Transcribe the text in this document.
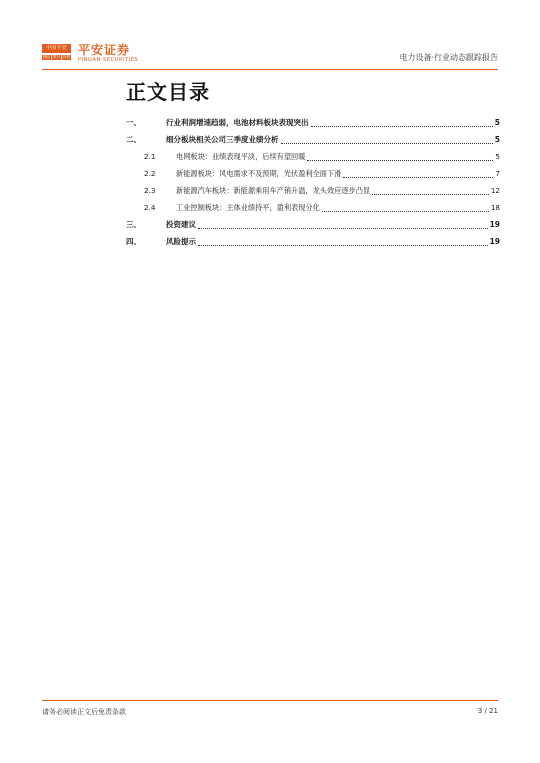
中国平安
保险 银行 投资 平安证券
PINGAN SECURITIES	电力设备·行业动态跟踪报告
正文目录
一、	行业利润增速趋弱，电池材料板块表现突出	5
二、	细分板块相关公司三季度业绩分析	5
2.1	电网板块：业绩表现平淡，后续有望回暖	5
2.2	新能源板块：风电需求不及预期，光伏盈利全面下滑	7
2.3	新能源汽车板块：新能源乘用车产销升温，龙头效应逐步凸显	12
2.4	工业控制板块：主体业绩持平，盈利表现分化	18
三、	投资建议	19
四、	风险提示	19
请务必阅读正文后免责条款	3 / 21
